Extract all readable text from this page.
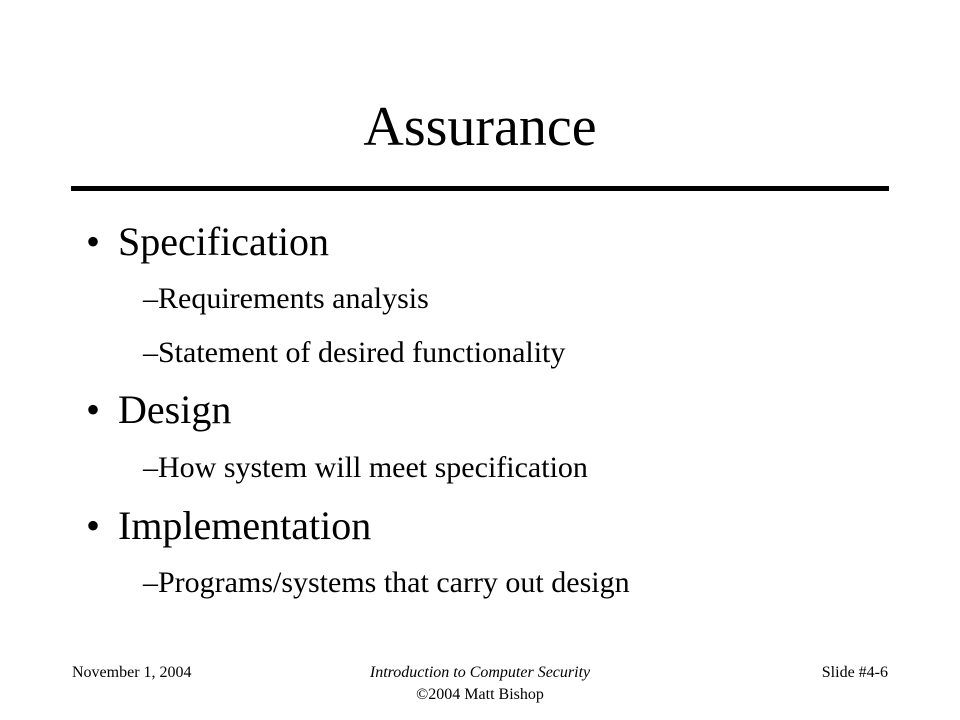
Assurance
• Specification
–Requirements analysis
–Statement of desired functionality
• Design
–How system will meet specification
• Implementation
–Programs/systems that carry out design
November 1, 2004	Introduction to Computer Security
©2004 Matt Bishop
Slide #4-6
